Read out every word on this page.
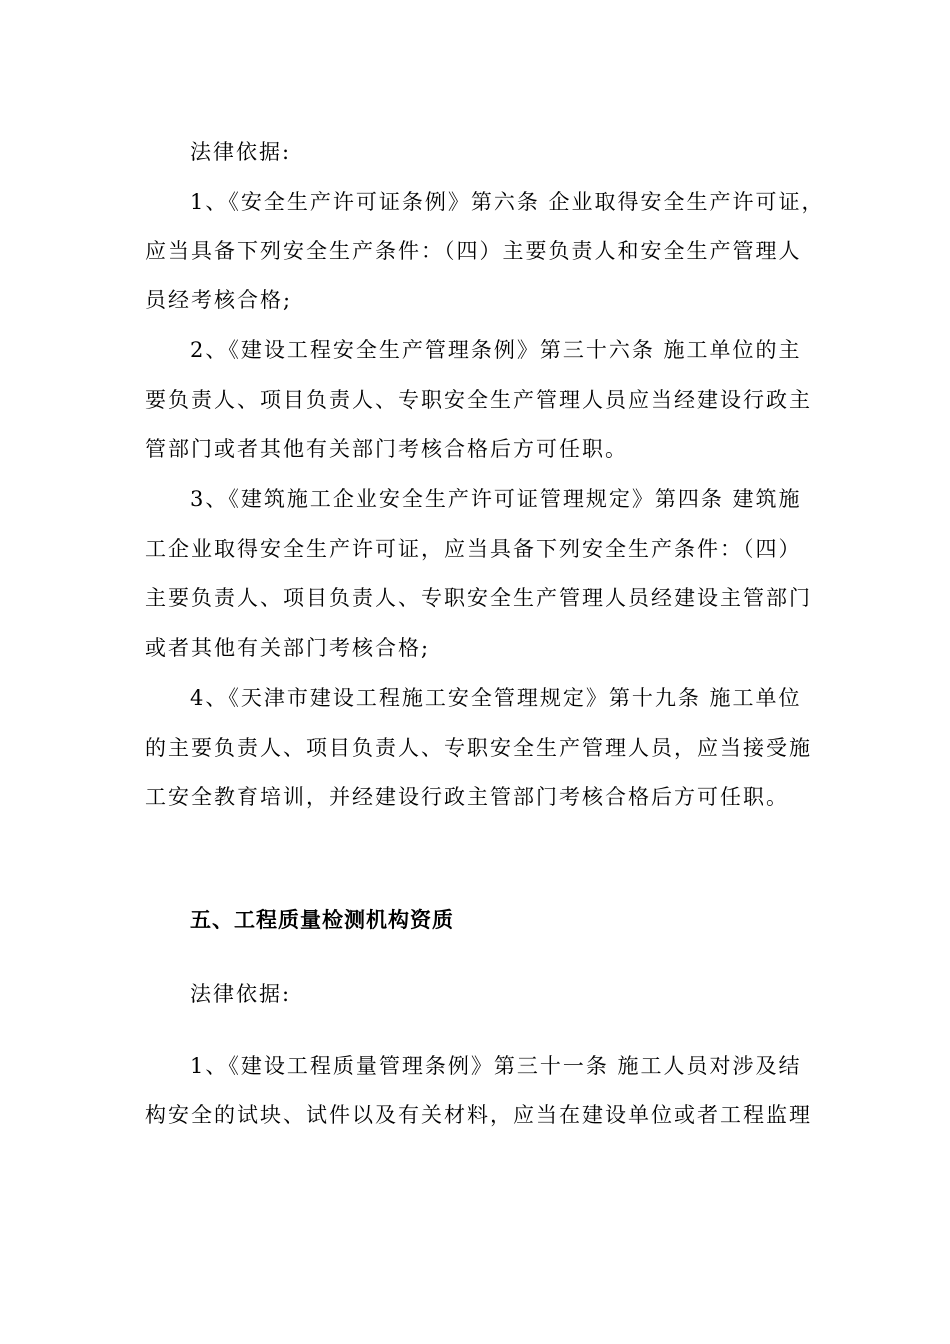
法律依据:
1、《安全生产许可证条例》第六条 企业取得安全生产许可证，
应当具备下列安全生产条件：（四）主要负责人和安全生产管理人
员经考核合格;
2、《建设工程安全生产管理条例》第三十六条 施工单位的主
要负责人、项目负责人、专职安全生产管理人员应当经建设行政主
管部门或者其他有关部门考核合格后方可任职。
3、《建筑施工企业安全生产许可证管理规定》第四条 建筑施
工企业取得安全生产许可证，应当具备下列安全生产条件：（四）
主要负责人、项目负责人、专职安全生产管理人员经建设主管部门
或者其他有关部门考核合格;
4、《天津市建设工程施工安全管理规定》第十九条 施工单位
的主要负责人、项目负责人、专职安全生产管理人员，应当接受施
工安全教育培训，并经建设行政主管部门考核合格后方可任职。
五、工程质量检测机构资质
法律依据:
1、《建设工程质量管理条例》第三十一条 施工人员对涉及结
构安全的试块、试件以及有关材料，应当在建设单位或者工程监理
